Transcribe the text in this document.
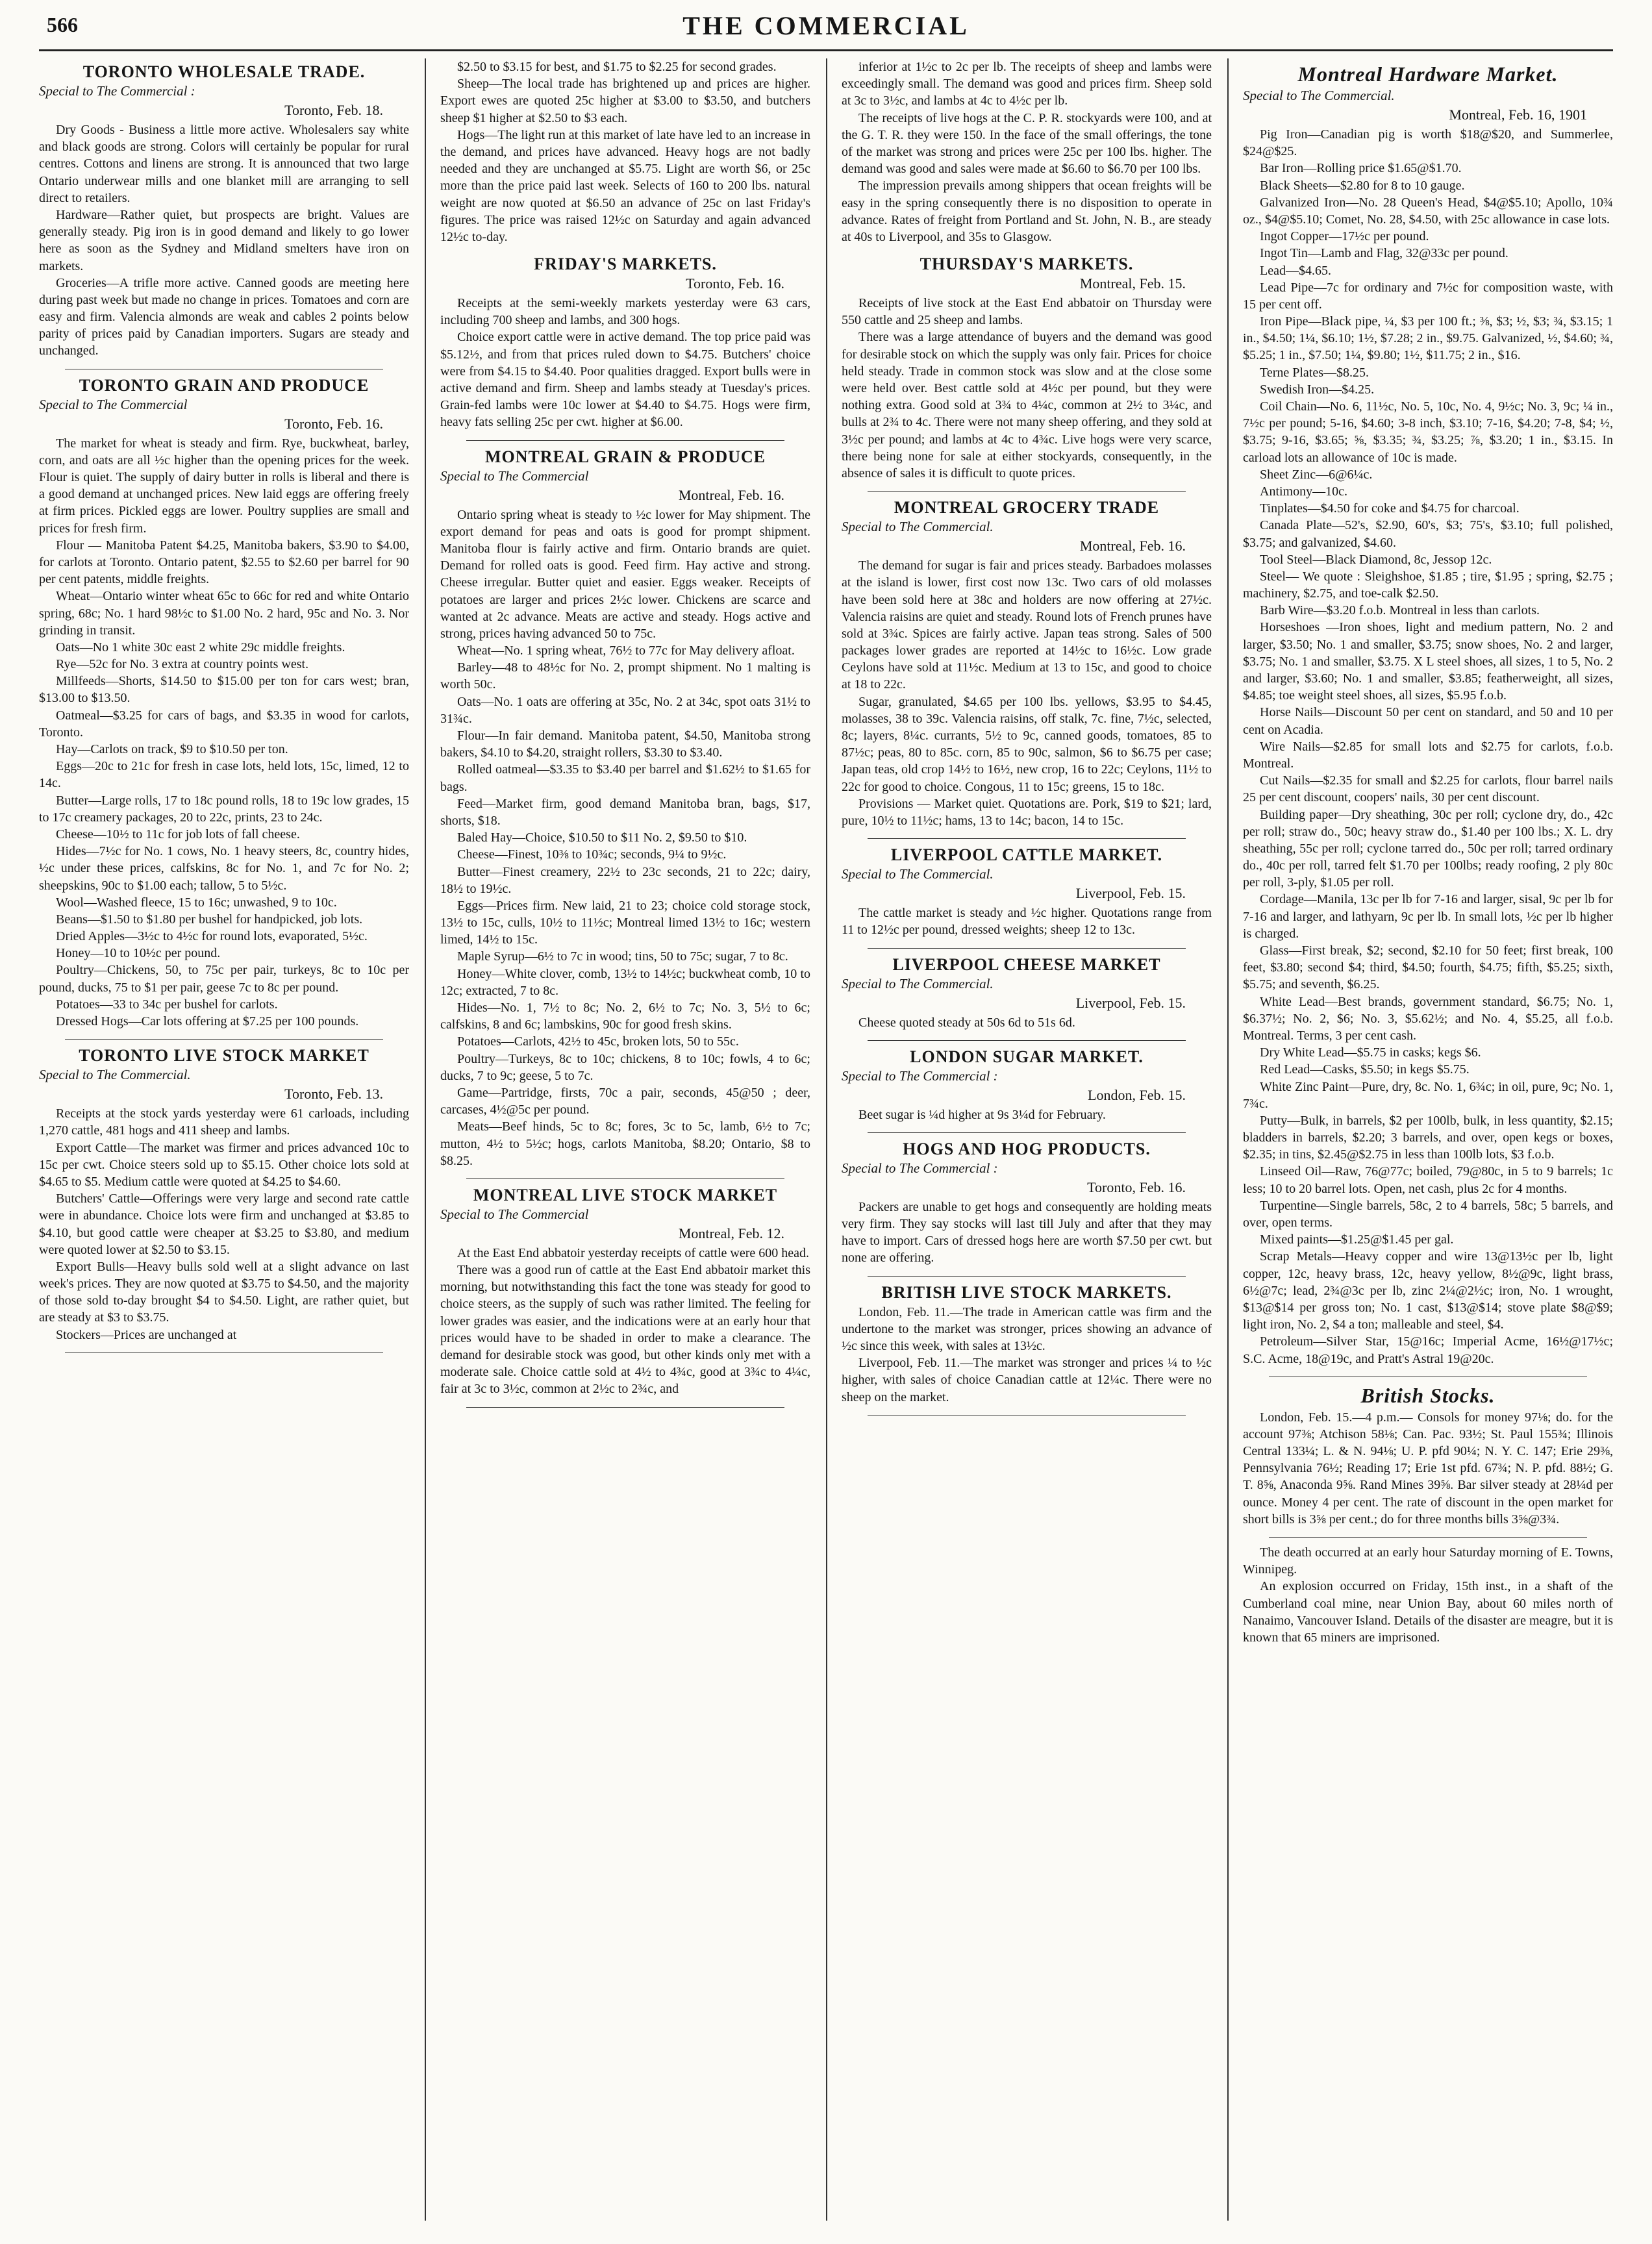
566	THE COMMERCIAL
TORONTO WHOLESALE TRADE.
Special to The Commercial :
Toronto, Feb. 18.

Dry Goods - Business a little more active. Wholesalers say white and black goods are strong. Colors will certainly be popular for rural centres. Cottons and linens are strong. It is announced that two large Ontario underwear mills and one blanket mill are arranging to sell direct to retailers.

Hardware—Rather quiet, but prospects are bright. Values are generally steady. Pig iron is in good demand and likely to go lower here as soon as the Sydney and Midland smelters have iron on markets.

Groceries—A trifle more active. Canned goods are meeting here during past week but made no change in prices. Tomatoes and corn are easy and firm. Valencia almonds are weak and cables 2 points below parity of prices paid by Canadian importers. Sugars are steady and unchanged.

TORONTO GRAIN AND PRODUCE
Special to The Commercial
Toronto, Feb. 16.

The market for wheat is steady and firm. Rye, buckwheat, barley, corn, and oats are all ½c higher than the opening prices for the week. Flour is quiet. The supply of dairy butter in rolls is liberal and there is a good demand at unchanged prices. New laid eggs are offering freely at firm prices. Pickled eggs are lower. Poultry supplies are small and prices for fresh firm.

Flour — Manitoba Patent $4.25, Manitoba bakers, $3.90 to $4.00, for carlots at Toronto. Ontario patent, $2.55 to $2.60 per barrel for 90 per cent patents, middle freights.

Wheat—Ontario winter wheat 65c to 66c for red and white Ontario spring, 68c; No. 1 hard 98½c to $1.00 No. 2 hard, 95c and No. 3. Nor grinding in transit.

Oats—No 1 white 30c east 2 white 29c middle freights.

Rye—52c for No. 3 extra at country points west.

Millfeeds—Shorts, $14.50 to $15.00 per ton for cars west; bran, $13.00 to $13.50.

Oatmeal—$3.25 for cars of bags, and $3.35 in wood for carlots, Toronto.

Hay—Carlots on track, $9 to $10.50 per ton.

Eggs—20c to 21c for fresh in case lots, held lots, 15c, limed, 12 to 14c.

Butter—Large rolls, 17 to 18c pound rolls, 18 to 19c low grades, 15 to 17c creamery packages, 20 to 22c, prints, 23 to 24c.

Cheese—10½ to 11c for job lots of fall cheese.

Hides—7½c for No. 1 cows, No. 1 heavy steers, 8c, country hides, ½c under these prices, calfskins, 8c for No. 1, and 7c for No. 2; sheepskins, 90c to $1.00 each; tallow, 5 to 5½c.

Wool—Washed fleece, 15 to 16c; unwashed, 9 to 10c.

Beans—$1.50 to $1.80 per bushel for handpicked, job lots.

Dried Apples—3½c to 4½c for round lots, evaporated, 5½c.

Honey—10 to 10½c per pound.

Poultry—Chickens, 50, to 75c per pair, turkeys, 8c to 10c per pound, ducks, 75 to $1 per pair, geese 7c to 8c per pound.

Potatoes—33 to 34c per bushel for carlots.

Dressed Hogs—Car lots offering at $7.25 per 100 pounds.

TORONTO LIVE STOCK MARKET
Special to The Commercial.
Toronto, Feb. 13.

Receipts at the stock yards yesterday were 61 carloads, including 1,270 cattle, 481 hogs and 411 sheep and lambs.

Export Cattle—The market was firmer and prices advanced 10c to 15c per cwt. Choice steers sold up to $5.15. Other choice lots sold at $4.65 to $5. Medium cattle were quoted at $4.25 to $4.60.

Butchers' Cattle—Offerings were very large and second rate cattle were in abundance. Choice lots were firm and unchanged at $3.85 to $4.10, but good cattle were cheaper at $3.25 to $3.80, and medium were quoted lower at $2.50 to $3.15.

Export Bulls—Heavy bulls sold well at a slight advance on last week's prices. They are now quoted at $3.75 to $4.50, and the majority of those sold to-day brought $4 to $4.50. Light, are rather quiet, but are steady at $3 to $3.75.

Stockers—Prices are unchanged at

$2.50 to $3.15 for best, and $1.75 to $2.25 for second grades.

Sheep—The local trade has brightened up and prices are higher. Export ewes are quoted 25c higher at $3.00 to $3.50, and butchers sheep $1 higher at $2.50 to $3 each.

Hogs—The light run at this market of late have led to an increase in the demand, and prices have advanced. Heavy hogs are not badly needed and they are unchanged at $5.75. Light are worth $6, or 25c more than the price paid last week. Selects of 160 to 200 lbs. natural weight are now quoted at $6.50 an advance of 25c on last Friday's figures. The price was raised 12½c on Saturday and again advanced 12½c to-day.

FRIDAY'S MARKETS.
Toronto, Feb. 16.

Receipts at the semi-weekly markets yesterday were 63 cars, including 700 sheep and lambs, and 300 hogs.

Choice export cattle were in active demand. The top price paid was $5.12½, and from that prices ruled down to $4.75. Butchers' choice were from $4.15 to $4.40. Poor qualities dragged. Export bulls were in active demand and firm. Sheep and lambs steady at Tuesday's prices. Grain-fed lambs were 10c lower at $4.40 to $4.75. Hogs were firm, heavy fats selling 25c per cwt. higher at $6.00.

MONTREAL GRAIN & PRODUCE
Special to The Commercial
Montreal, Feb. 16.

Ontario spring wheat is steady to ½c lower for May shipment. The export demand for peas and oats is good for prompt shipment. Manitoba flour is fairly active and firm. Ontario brands are quiet. Demand for rolled oats is good. Feed firm. Hay active and strong. Cheese irregular. Butter quiet and easier. Eggs weaker. Receipts of potatoes are larger and prices 2½c lower. Chickens are scarce and wanted at 2c advance. Meats are active and steady. Hogs active and strong, prices having advanced 50 to 75c.

Wheat—No. 1 spring wheat, 76½ to 77c for May delivery afloat.

Barley—48 to 48½c for No. 2, prompt shipment. No 1 malting is worth 50c.

Oats—No. 1 oats are offering at 35c, No. 2 at 34c, spot oats 31½ to 31¾c.

Flour—In fair demand. Manitoba patent, $4.50, Manitoba strong bakers, $4.10 to $4.20, straight rollers, $3.30 to $3.40.

Rolled oatmeal—$3.35 to $3.40 per barrel and $1.62½ to $1.65 for bags.

Feed—Market firm, good demand Manitoba bran, bags, $17, shorts, $18.

Baled Hay—Choice, $10.50 to $11 No. 2, $9.50 to $10.

Cheese—Finest, 10⅜ to 10¾c; seconds, 9¼ to 9½c.

Butter—Finest creamery, 22½ to 23c seconds, 21 to 22c; dairy, 18½ to 19½c.

Eggs—Prices firm. New laid, 21 to 23; choice cold storage stock, 13½ to 15c, culls, 10½ to 11½c; Montreal limed 13½ to 16c; western limed, 14½ to 15c.

Maple Syrup—6½ to 7c in wood; tins, 50 to 75c; sugar, 7 to 8c.

Honey—White clover, comb, 13½ to 14½c; buckwheat comb, 10 to 12c; extracted, 7 to 8c.

Hides—No. 1, 7½ to 8c; No. 2, 6½ to 7c; No. 3, 5½ to 6c; calfskins, 8 and 6c; lambskins, 90c for good fresh skins.

Potatoes—Carlots, 42½ to 45c, broken lots, 50 to 55c.

Poultry—Turkeys, 8c to 10c; chickens, 8 to 10c; fowls, 4 to 6c; ducks, 7 to 9c; geese, 5 to 7c.

Game—Partridge, firsts, 70c a pair, seconds, 45@50 ; deer, carcases, 4½@5c per pound.

Meats—Beef hinds, 5c to 8c; fores, 3c to 5c, lamb, 6½ to 7c; mutton, 4½ to 5½c; hogs, carlots Manitoba, $8.20; Ontario, $8 to $8.25.

MONTREAL LIVE STOCK MARKET
Special to The Commercial
Montreal, Feb. 12.

At the East End abbatoir yesterday receipts of cattle were 600 head.

There was a good run of cattle at the East End abbatoir market this morning, but notwithstanding this fact the tone was steady for good to choice steers, as the supply of such was rather limited. The feeling for lower grades was easier, and the indications were at an early hour that prices would have to be shaded in order to make a clearance. The demand for desirable stock was good, but other kinds only met with a moderate sale. Choice cattle sold at 4½ to 4¾c, good at 3¾c to 4¼c, fair at 3c to 3½c, common at 2½c to 2¾c, and

inferior at 1½c to 2c per lb. The receipts of sheep and lambs were exceedingly small. The demand was good and prices firm. Sheep sold at 3c to 3½c, and lambs at 4c to 4½c per lb.

The receipts of live hogs at the C. P. R. stockyards were 100, and at the G. T. R. they were 150. In the face of the small offerings, the tone of the market was strong and prices were 25c per 100 lbs. higher. The demand was good and sales were made at $6.60 to $6.70 per 100 lbs.

The impression prevails among shippers that ocean freights will be easy in the spring consequently there is no disposition to operate in advance. Rates of freight from Portland and St. John, N. B., are steady at 40s to Liverpool, and 35s to Glasgow.

THURSDAY'S MARKETS.
Montreal, Feb. 15.

Receipts of live stock at the East End abbatoir on Thursday were 550 cattle and 25 sheep and lambs.

There was a large attendance of buyers and the demand was good for desirable stock on which the supply was only fair. Prices for choice held steady. Trade in common stock was slow and at the close some were held over. Best cattle sold at 4½c per pound, but they were nothing extra. Good sold at 3¾ to 4¼c, common at 2½ to 3¼c, and bulls at 2¾ to 4c. There were not many sheep offering, and they sold at 3½c per pound; and lambs at 4c to 4¾c. Live hogs were very scarce, there being none for sale at either stockyards, consequently, in the absence of sales it is difficult to quote prices.

MONTREAL GROCERY TRADE
Special to The Commercial.
Montreal, Feb. 16.

The demand for sugar is fair and prices steady. Barbadoes molasses at the island is lower, first cost now 13c. Two cars of old molasses have been sold here at 38c and holders are now offering at 27½c. Valencia raisins are quiet and steady. Round lots of French prunes have sold at 3¾c. Spices are fairly active. Japan teas strong. Sales of 500 packages lower grades are reported at 14½c to 16½c. Low grade Ceylons have sold at 11½c. Medium at 13 to 15c, and good to choice at 18 to 22c.

Sugar, granulated, $4.65 per 100 lbs. yellows, $3.95 to $4.45, molasses, 38 to 39c. Valencia raisins, off stalk, 7c. fine, 7½c, selected, 8c; layers, 8¼c. currants, 5½ to 9c, canned goods, tomatoes, 85 to 87½c; peas, 80 to 85c. corn, 85 to 90c, salmon, $6 to $6.75 per case; Japan teas, old crop 14½ to 16½, new crop, 16 to 22c; Ceylons, 11½ to 22c for good to choice. Congous, 11 to 15c; greens, 15 to 18c.

Provisions — Market quiet. Quotations are. Pork, $19 to $21; lard, pure, 10½ to 11½c; hams, 13 to 14c; bacon, 14 to 15c.

LIVERPOOL CATTLE MARKET.
Special to The Commercial.
Liverpool, Feb. 15.

The cattle market is steady and ½c higher. Quotations range from 11 to 12½c per pound, dressed weights; sheep 12 to 13c.

LIVERPOOL CHEESE MARKET
Special to The Commercial.
Liverpool, Feb. 15.

Cheese quoted steady at 50s 6d to 51s 6d.

LONDON SUGAR MARKET.
Special to The Commercial :
London, Feb. 15.

Beet sugar is ¼d higher at 9s 3¼d for February.

HOGS AND HOG PRODUCTS.
Special to The Commercial :
Toronto, Feb. 16.

Packers are unable to get hogs and consequently are holding meats very firm. They say stocks will last till July and after that they may have to import. Cars of dressed hogs here are worth $7.50 per cwt. but none are offering.

BRITISH LIVE STOCK MARKETS.

London, Feb. 11.—The trade in American cattle was firm and the undertone to the market was stronger, prices showing an advance of ½c since this week, with sales at 13½c.

Liverpool, Feb. 11.—The market was stronger and prices ¼ to ½c higher, with sales of choice Canadian cattle at 12¼c. There were no sheep on the market.

Montreal Hardware Market.
Special to The Commercial.
Montreal, Feb. 16, 1901

Pig Iron—Canadian pig is worth $18@$20, and Summerlee, $24@$25.

Bar Iron—Rolling price $1.65@$1.70.

Black Sheets—$2.80 for 8 to 10 gauge.

Galvanized Iron—No. 28 Queen's Head, $4@$5.10; Apollo, 10¾ oz., $4@$5.10; Comet, No. 28, $4.50, with 25c allowance in case lots.

Ingot Copper—17½c per pound.

Ingot Tin—Lamb and Flag, 32@33c per pound.

Lead—$4.65.

Lead Pipe—7c for ordinary and 7½c for composition waste, with 15 per cent off.

Iron Pipe—Black pipe, ¼, $3 per 100 ft.; ⅜, $3; ½, $3; ¾, $3.15; 1 in., $4.50; 1¼, $6.10; 1½, $7.28; 2 in., $9.75. Galvanized, ½, $4.60; ¾, $5.25; 1 in., $7.50; 1¼, $9.80; 1½, $11.75; 2 in., $16.

Terne Plates—$8.25.

Swedish Iron—$4.25.

Coil Chain—No. 6, 11½c, No. 5, 10c, No. 4, 9½c; No. 3, 9c; ¼ in., 7½c per pound; 5-16, $4.60; 3-8 inch, $3.10; 7-16, $4.20; 7-8, $4; ½, $3.75; 9-16, $3.65; ⅝, $3.35; ¾, $3.25; ⅞, $3.20; 1 in., $3.15. In carload lots an allowance of 10c is made.

Sheet Zinc—6@6¼c.

Antimony—10c.

Tinplates—$4.50 for coke and $4.75 for charcoal.

Canada Plate—52's, $2.90, 60's, $3; 75's, $3.10; full polished, $3.75; and galvanized, $4.60.

Tool Steel—Black Diamond, 8c, Jessop 12c.

Steel— We quote : Sleighshoe, $1.85 ; tire, $1.95 ; spring, $2.75 ; machinery, $2.75, and toe-calk $2.50.

Barb Wire—$3.20 f.o.b. Montreal in less than carlots.

Horseshoes —Iron shoes, light and medium pattern, No. 2 and larger, $3.50; No. 1 and smaller, $3.75; snow shoes, No. 2 and larger, $3.75; No. 1 and smaller, $3.75. X L steel shoes, all sizes, 1 to 5, No. 2 and larger, $3.60; No. 1 and smaller, $3.85; featherweight, all sizes, $4.85; toe weight steel shoes, all sizes, $5.95 f.o.b.

Horse Nails—Discount 50 per cent on standard, and 50 and 10 per cent on Acadia.

Wire Nails—$2.85 for small lots and $2.75 for carlots, f.o.b. Montreal.

Cut Nails—$2.35 for small and $2.25 for carlots, flour barrel nails 25 per cent discount, coopers' nails, 30 per cent discount.

Building paper—Dry sheathing, 30c per roll; cyclone dry, do., 42c per roll; straw do., 50c; heavy straw do., $1.40 per 100 lbs.; X. L. dry sheathing, 55c per roll; cyclone tarred do., 50c per roll; tarred ordinary do., 40c per roll, tarred felt $1.70 per 100lbs; ready roofing, 2 ply 80c per roll, 3-ply, $1.05 per roll.

Cordage—Manila, 13c per lb for 7-16 and larger, sisal, 9c per lb for 7-16 and larger, and lathyarn, 9c per lb. In small lots, ½c per lb higher is charged.

Glass—First break, $2; second, $2.10 for 50 feet; first break, 100 feet, $3.80; second $4; third, $4.50; fourth, $4.75; fifth, $5.25; sixth, $5.75; and seventh, $6.25.

White Lead—Best brands, government standard, $6.75; No. 1, $6.37½; No. 2, $6; No. 3, $5.62½; and No. 4, $5.25, all f.o.b. Montreal. Terms, 3 per cent cash.

Dry White Lead—$5.75 in casks; kegs $6.

Red Lead—Casks, $5.50; in kegs $5.75.

White Zinc Paint—Pure, dry, 8c. No. 1, 6¾c; in oil, pure, 9c; No. 1, 7¾c.

Putty—Bulk, in barrels, $2 per 100lb, bulk, in less quantity, $2.15; bladders in barrels, $2.20; 3 barrels, and over, open kegs or boxes, $2.35; in tins, $2.45@$2.75 in less than 100lb lots, $3 f.o.b.

Linseed Oil—Raw, 76@77c; boiled, 79@80c, in 5 to 9 barrels; 1c less; 10 to 20 barrel lots. Open, net cash, plus 2c for 4 months.

Turpentine—Single barrels, 58c, 2 to 4 barrels, 58c; 5 barrels, and over, open terms.

Mixed paints—$1.25@$1.45 per gal.

Scrap Metals—Heavy copper and wire 13@13½c per lb, light copper, 12c, heavy brass, 12c, heavy yellow, 8½@9c, light brass, 6½@7c; lead, 2¾@3c per lb, zinc 2¼@2½c; iron, No. 1 wrought, $13@$14 per gross ton; No. 1 cast, $13@$14; stove plate $8@$9; light iron, No. 2, $4 a ton; malleable and steel, $4.

Petroleum—Silver Star, 15@16c; Imperial Acme, 16½@17½c; S.C. Acme, 18@19c, and Pratt's Astral 19@20c.

British Stocks.

London, Feb. 15.—4 p.m.— Consols for money 97⅛; do. for the account 97⅜; Atchison 58⅛; Can. Pac. 93½; St. Paul 155¾; Illinois Central 133¼; L. & N. 94⅛; U. P. pfd 90¼; N. Y. C. 147; Erie 29⅜, Pennsylvania 76½; Reading 17; Erie 1st pfd. 67¾; N. P. pfd. 88½; G. T. 8⅝, Anaconda 9⅝. Rand Mines 39⅝. Bar silver steady at 28¼d per ounce. Money 4 per cent. The rate of discount in the open market for short bills is 3⅝ per cent.; do for three months bills 3⅝@3¾.

The death occurred at an early hour Saturday morning of E. Towns, Winnipeg.

An explosion occurred on Friday, 15th inst., in a shaft of the Cumberland coal mine, near Union Bay, about 60 miles north of Nanaimo, Vancouver Island. Details of the disaster are meagre, but it is known that 65 miners are imprisoned.
